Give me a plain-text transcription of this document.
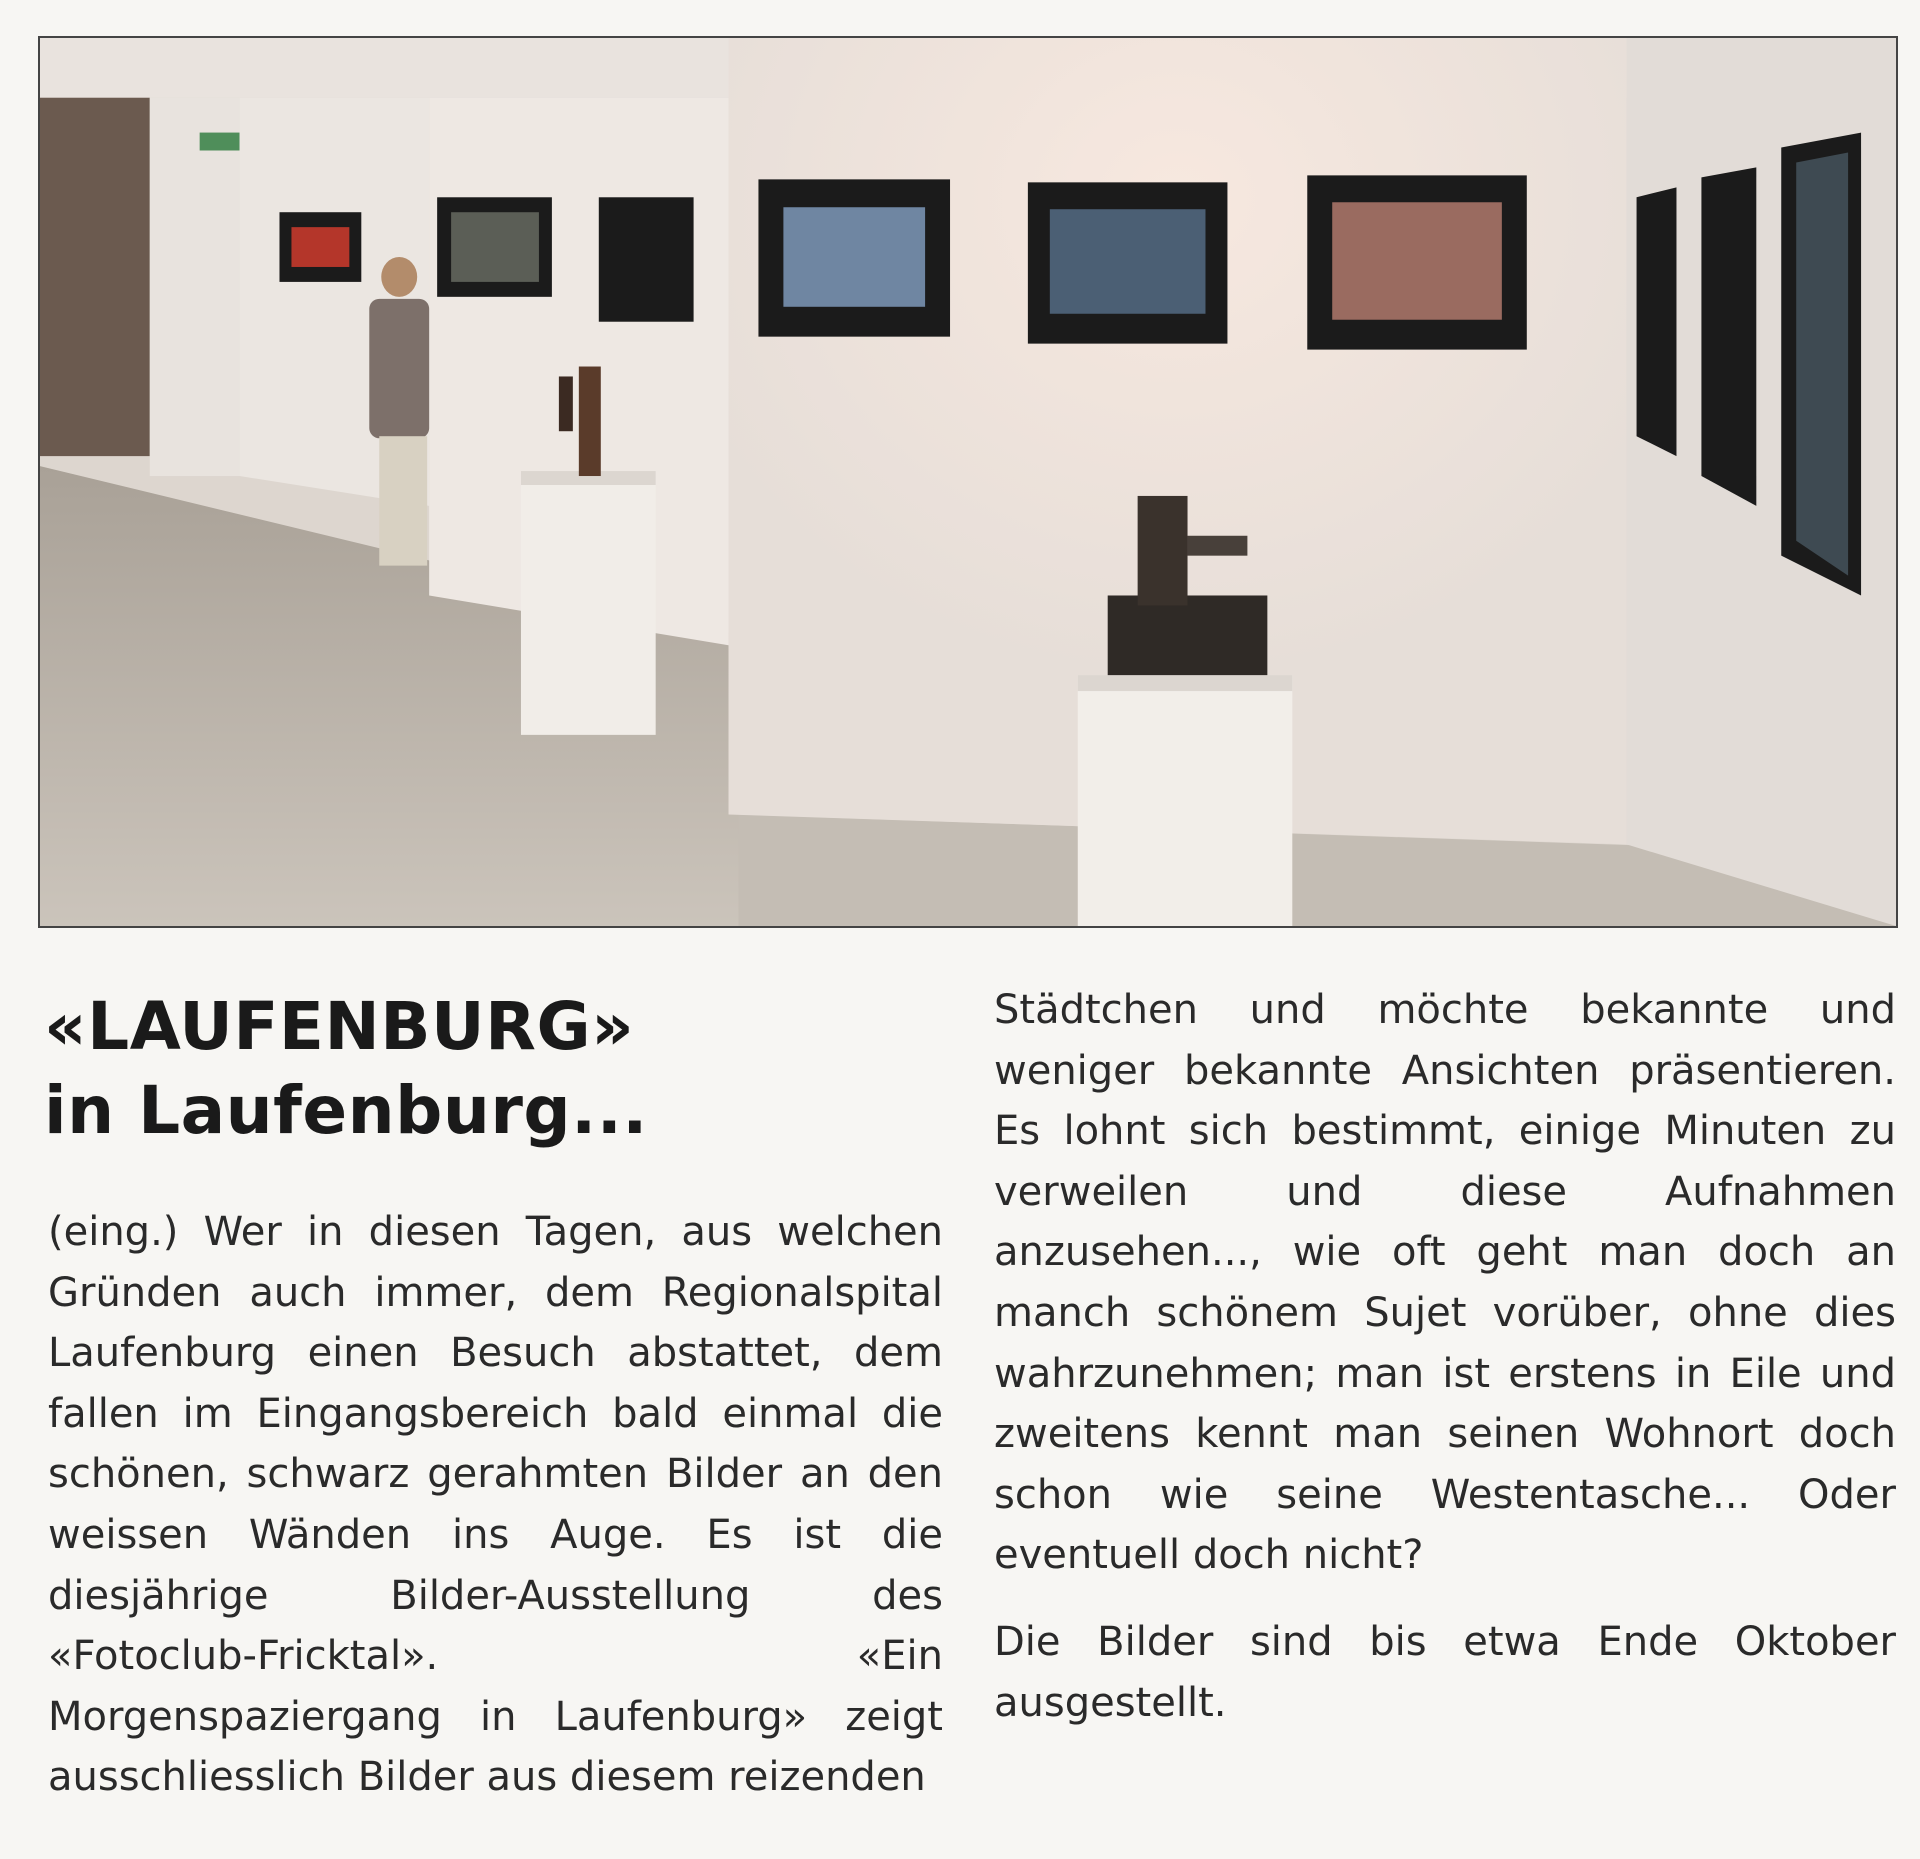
«LAUFENBURG»
in Laufenburg...

(eing.) Wer in diesen Tagen, aus welchen Gründen auch immer, dem Regionalspital Laufenburg einen Besuch abstattet, dem fallen im Eingangsbereich bald einmal die schönen, schwarz gerahmten Bilder an den weissen Wänden ins Auge. Es ist die diesjährige Bilder-Ausstellung des «Fotoclub-Fricktal». «Ein Morgenspaziergang in Laufenburg» zeigt ausschliesslich Bilder aus diesem reizenden

Städtchen und möchte bekannte und weniger bekannte Ansichten präsentieren. Es lohnt sich bestimmt, einige Minuten zu verweilen und diese Aufnahmen anzusehen..., wie oft geht man doch an manch schönem Sujet vorüber, ohne dies wahrzunehmen; man ist erstens in Eile und zweitens kennt man seinen Wohnort doch schon wie seine Westentasche... Oder eventuell doch nicht?

Die Bilder sind bis etwa Ende Oktober ausgestellt.
